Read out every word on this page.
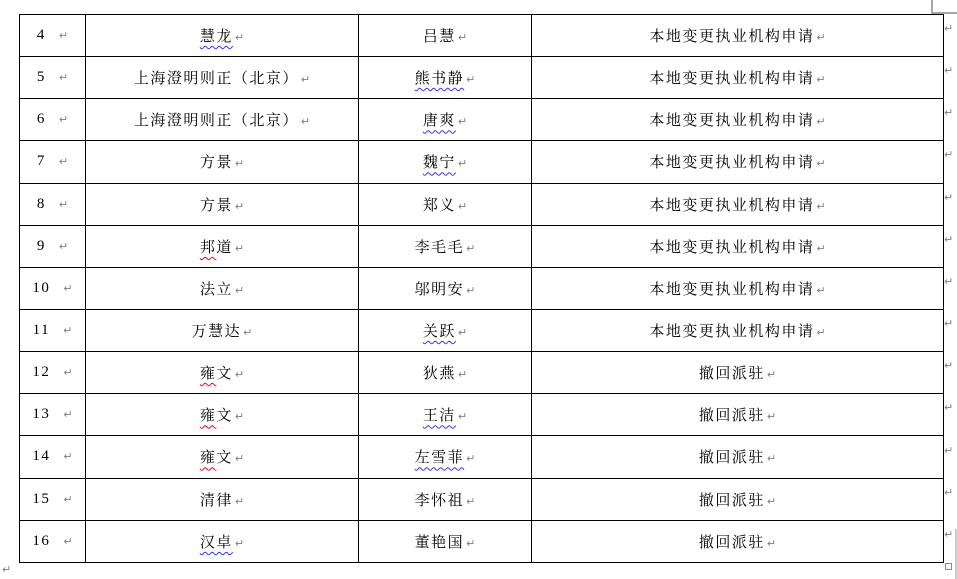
4 ↵	慧龙 ↵	吕慧 ↵	本地变更执业机构申请 ↵
5 ↵	上海澄明则正（北京） ↵	熊书静 ↵	本地变更执业机构申请 ↵
6 ↵	上海澄明则正（北京） ↵	唐爽 ↵	本地变更执业机构申请 ↵
7 ↵	方景 ↵	魏宁 ↵	本地变更执业机构申请 ↵
8 ↵	方景 ↵	郑义 ↵	本地变更执业机构申请 ↵
9 ↵	邦道 ↵	李毛毛 ↵	本地变更执业机构申请 ↵
10 ↵	法立 ↵	邬明安 ↵	本地变更执业机构申请 ↵
11 ↵	万慧达 ↵	关跃 ↵	本地变更执业机构申请 ↵
12 ↵	雍文 ↵	狄燕 ↵	撤回派驻 ↵
13 ↵	雍文 ↵	王洁 ↵	撤回派驻 ↵
14 ↵	雍文 ↵	左雪菲 ↵	撤回派驻 ↵
15 ↵	清律 ↵	李怀祖 ↵	撤回派驻 ↵
16 ↵	汉卓 ↵	董艳国 ↵	撤回派驻 ↵
↵
↵
↵
↵
↵
↵
↵
↵
↵
↵
↵
↵
↵
↵
